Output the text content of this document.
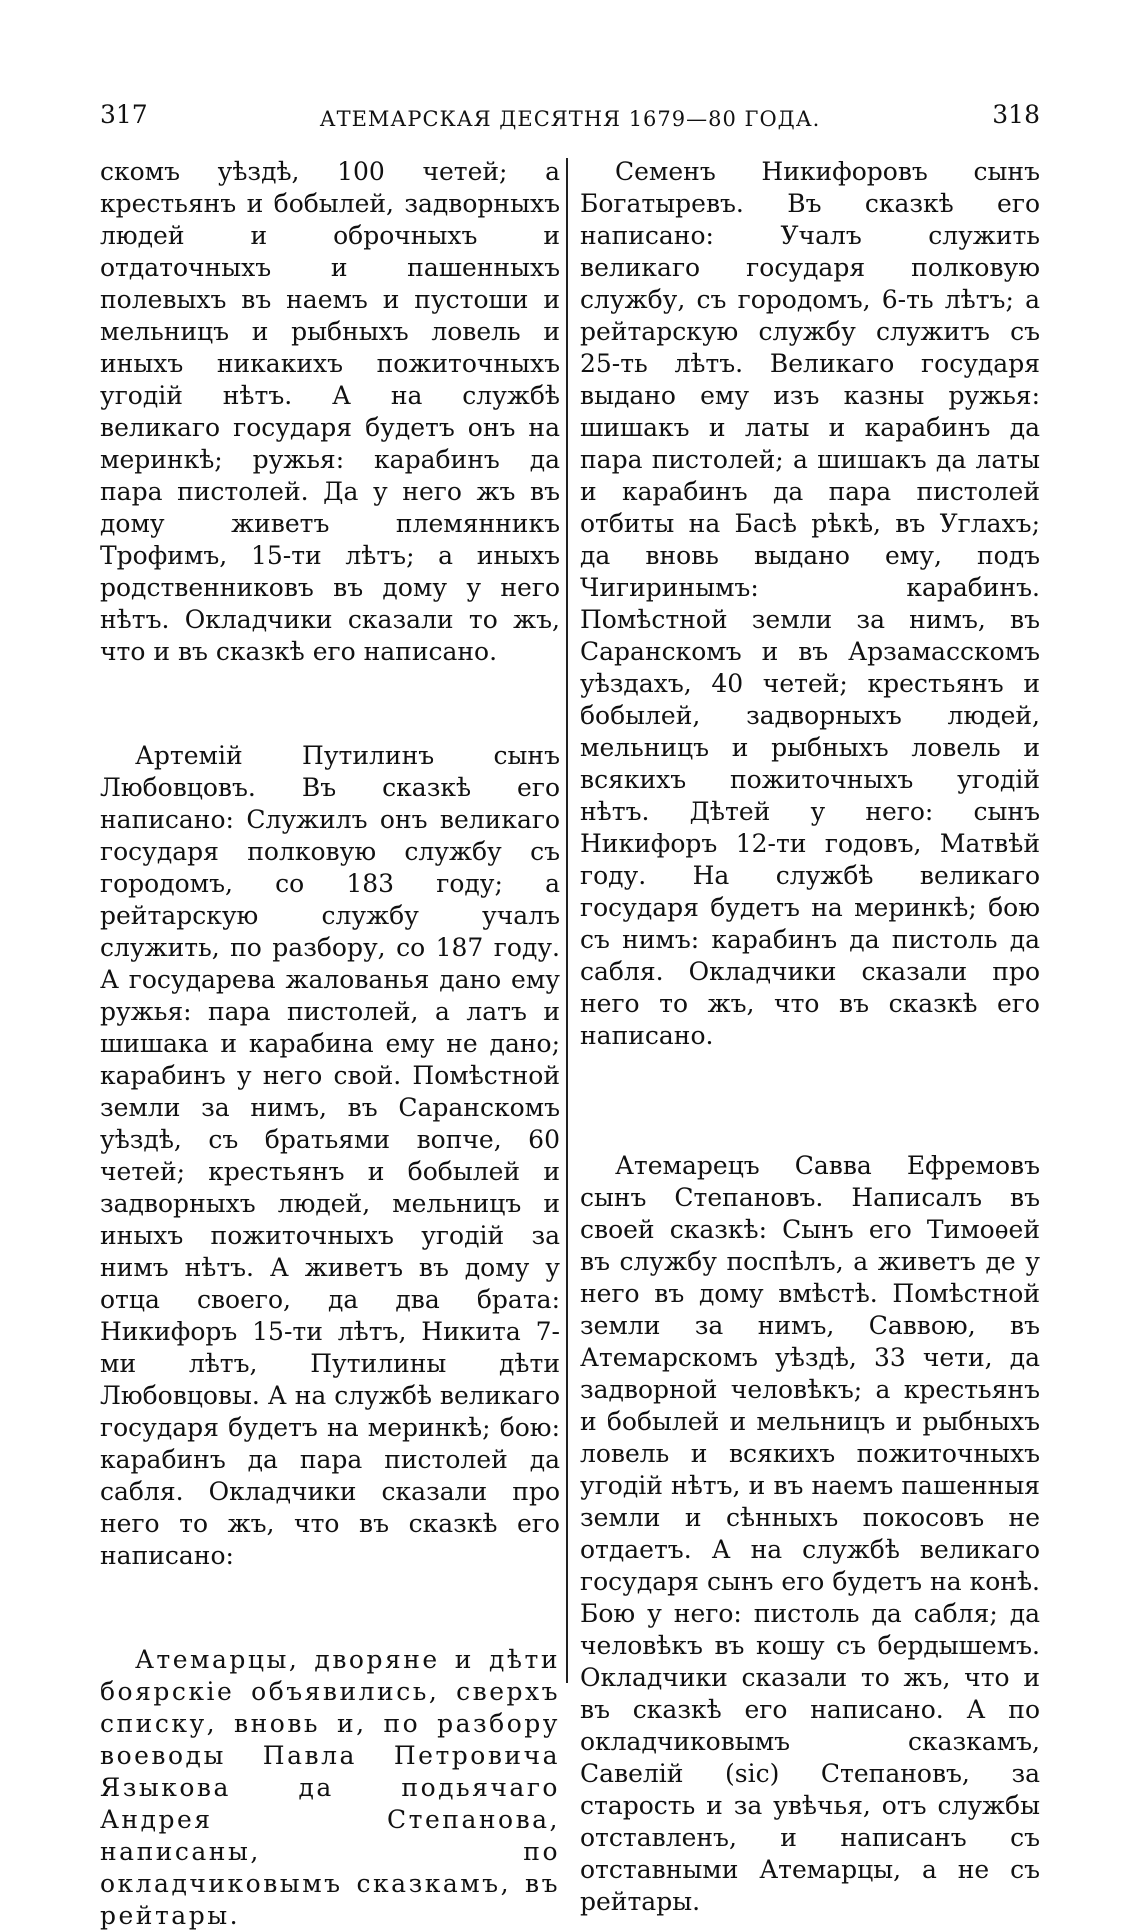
317	АТЕМАРСКАЯ ДЕСЯТНЯ 1679—80 ГОДА.	318

скомъ уѣздѣ, 100 четей; а крестьянъ и бобылей, задворныхъ людей и оброчныхъ и отдаточныхъ и пашенныхъ полевыхъ въ наемъ и пустоши и мельницъ и рыбныхъ ловель и иныхъ никакихъ пожиточныхъ угодій нѣтъ. А на службѣ великаго государя будетъ онъ на меринкѣ; ружья: карабинъ да пара пистолей. Да у него жъ въ дому живетъ племянникъ Трофимъ, 15-ти лѣтъ; а иныхъ родственниковъ въ дому у него нѣтъ. Окладчики сказали то жъ, что и въ сказкѣ его написано.

Артемій Путилинъ сынъ Любовцовъ. Въ сказкѣ его написано: Служилъ онъ великаго государя полковую службу съ городомъ, со 183 году; а рейтарскую службу учалъ служить, по разбору, со 187 году. А государева жалованья дано ему ружья: пара пистолей, а латъ и шишака и карабина ему не дано; карабинъ у него свой. Помѣстной земли за нимъ, въ Саранскомъ уѣздѣ, съ братьями вопче, 60 четей; крестьянъ и бобылей и задворныхъ людей, мельницъ и иныхъ пожиточныхъ угодій за нимъ нѣтъ. А живетъ въ дому у отца своего, да два брата: Никифоръ 15-ти лѣтъ, Никита 7-ми лѣтъ, Путилины дѣти Любовцовы. А на службѣ великаго государя будетъ на меринкѣ; бою: карабинъ да пара пистолей да сабля. Окладчики сказали про него то жъ, что въ сказкѣ его написано:

Атемарцы, дворяне и дѣти боярскіе объявились, сверхъ списку, вновь и, по разбору воеводы Павла Петровича Языкова да подьячаго Андрея Степанова, написаны, по окладчиковымъ сказкамъ, въ рейтары.

Семенъ Никифоровъ сынъ Богатыревъ. Въ сказкѣ его написано: Учалъ служить великаго государя полковую службу, съ городомъ, 6-ть лѣтъ; а рейтарскую службу служитъ съ 25-ть лѣтъ. Великаго государя выдано ему изъ казны ружья: шишакъ и латы и карабинъ да пара пистолей; а шишакъ да латы и карабинъ да пара пистолей отбиты на Басѣ рѣкѣ, въ Углахъ; да вновь выдано ему, подъ Чигиринымъ: карабинъ. Помѣстной земли за нимъ, въ Саранскомъ и въ Арзамасскомъ уѣздахъ, 40 четей; крестьянъ и бобылей, задворныхъ людей, мельницъ и рыбныхъ ловель и всякихъ пожиточныхъ угодій нѣтъ. Дѣтей у него: сынъ Никифоръ 12-ти годовъ, Матвѣй году. На службѣ великаго государя будетъ на меринкѣ; бою съ нимъ: карабинъ да пистоль да сабля. Окладчики сказали про него то жъ, что въ сказкѣ его написано.

Атемарецъ Савва Ефремовъ сынъ Степановъ. Написалъ въ своей сказкѣ: Сынъ его Тимоѳей въ службу поспѣлъ, а живетъ де у него въ дому вмѣстѣ. Помѣстной земли за нимъ, Саввою, въ Атемарскомъ уѣздѣ, 33 чети, да задворной человѣкъ; а крестьянъ и бобылей и мельницъ и рыбныхъ ловель и всякихъ пожиточныхъ угодій нѣтъ, и въ наемъ пашенныя земли и сѣнныхъ покосовъ не отдаетъ. А на службѣ великаго государя сынъ его будетъ на конѣ. Бою у него: пистоль да сабля; да человѣкъ въ кошу съ бердышемъ. Окладчики сказали то жъ, что и въ сказкѣ его написано. А по окладчиковымъ сказкамъ, Савелій (sic) Степановъ, за старость и за увѣчья, отъ службы отставленъ, и написанъ съ отставными Атемарцы, а не съ рейтары.
